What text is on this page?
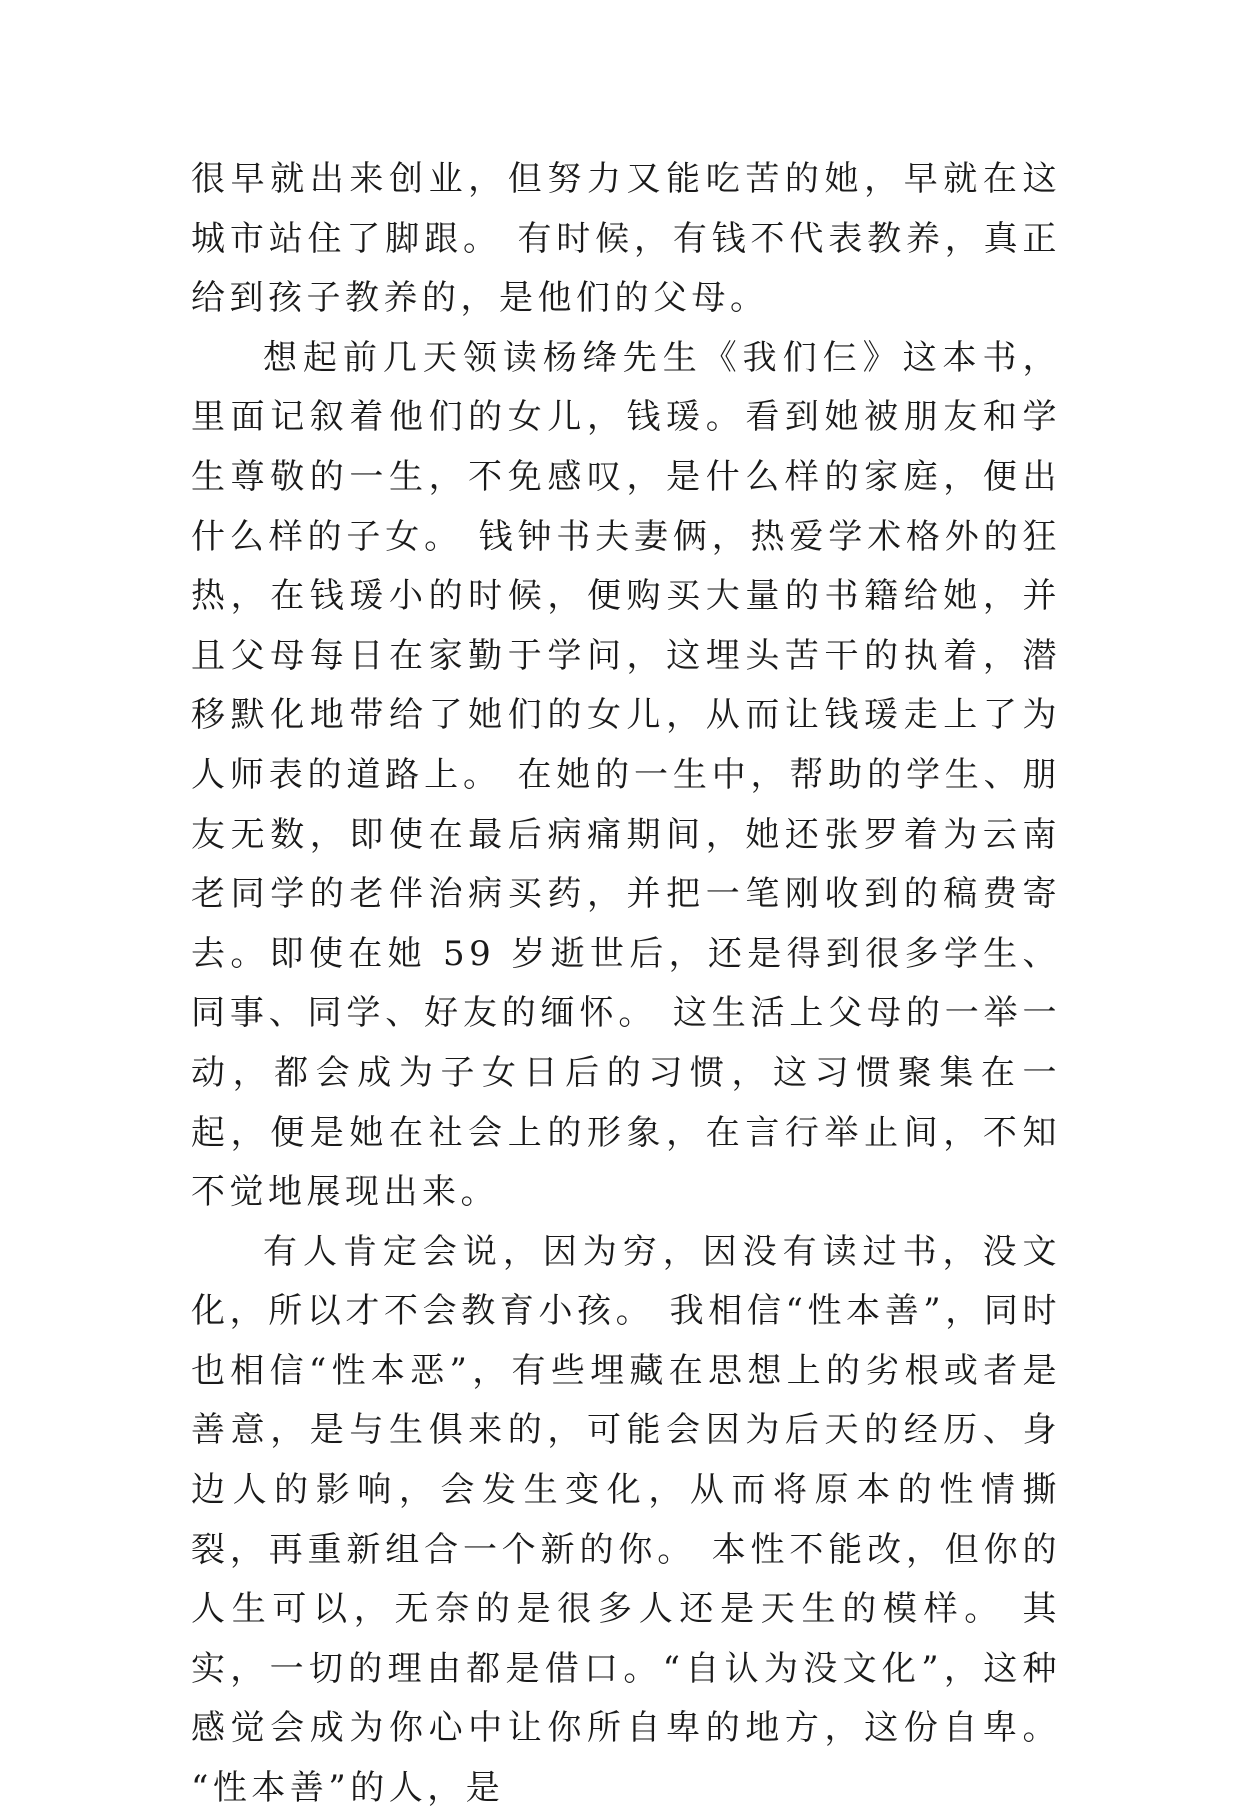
很早就出来创业，但努力又能吃苦的她，早就在这城市站住了脚跟。 有时候，有钱不代表教养，真正给到孩子教养的，是他们的父母。

想起前几天领读杨绛先生《我们仨》这本书，里面记叙着他们的女儿，钱瑗。看到她被朋友和学生尊敬的一生，不免感叹，是什么样的家庭，便出什么样的子女。 钱钟书夫妻俩，热爱学术格外的狂热，在钱瑗小的时候，便购买大量的书籍给她，并且父母每日在家勤于学问，这埋头苦干的执着，潜移默化地带给了她们的女儿，从而让钱瑗走上了为人师表的道路上。 在她的一生中，帮助的学生、朋友无数，即使在最后病痛期间，她还张罗着为云南老同学的老伴治病买药，并把一笔刚收到的稿费寄去。即使在她 59 岁逝世后，还是得到很多学生、同事、同学、好友的缅怀。 这生活上父母的一举一动，都会成为子女日后的习惯，这习惯聚集在一起，便是她在社会上的形象，在言行举止间，不知不觉地展现出来。

有人肯定会说，因为穷，因没有读过书，没文化，所以才不会教育小孩。 我相信“性本善”，同时也相信“性本恶”，有些埋藏在思想上的劣根或者是善意，是与生俱来的，可能会因为后天的经历、身边人的影响，会发生变化，从而将原本的性情撕裂，再重新组合一个新的你。 本性不能改，但你的人生可以，无奈的是很多人还是天生的模样。 其实，一切的理由都是借口。“自认为没文化”，这种感觉会成为你心中让你所自卑的地方，这份自卑。 “性本善”的人，是
